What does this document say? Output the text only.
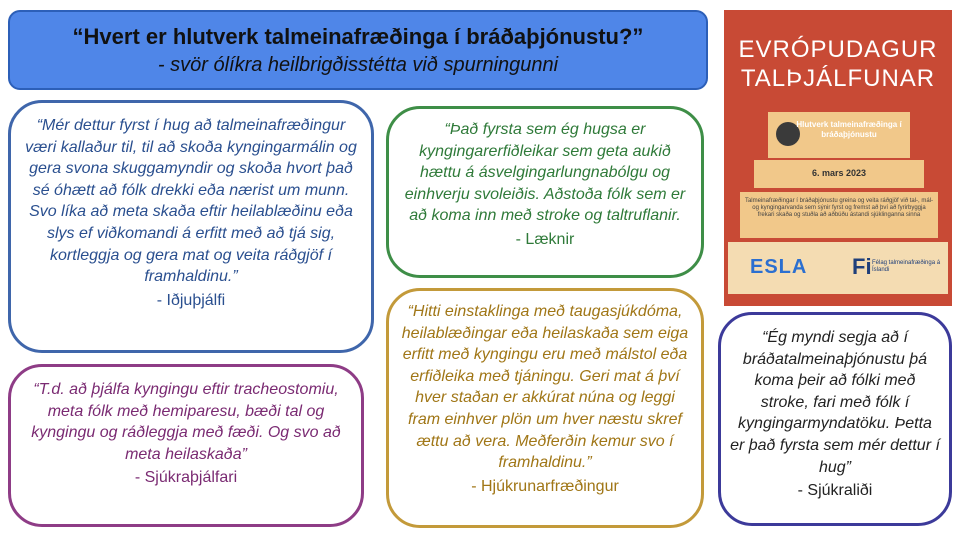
“Hvert er hlutverk talmeinafræðinga í bráðaþjónustu?”
- svör ólíkra heilbrigðisstétta við spurningunni
“Mér dettur fyrst í hug að talmeinafræðingur væri kallaður til, til að skoða kyngingarmálin og gera svona skuggamyndir og skoða hvort það sé óhætt að fólk drekki eða nærist um munn. Svo líka að meta skaða eftir heilablæðinu eða slys ef viðkomandi á erfitt með að tjá sig, kortleggja og gera mat og veita ráðgjöf í framhaldinu.”
- Iðjuþjálfi
“Það fyrsta sem ég hugsa er kyngingarerfiðleikar sem geta aukið hættu á ásvelgingarlungnabólgu og einhverju svoleiðis. Aðstoða fólk sem er að koma inn með stroke og taltruflanir.
- Læknir
“T.d. að þjálfa kyngingu eftir tracheostomiu, meta fólk með hemiparesu, bæði tal og kyngingu og ráðleggja með fæði. Og svo að meta heilaskaða”
- Sjúkraþjálfari
“Hitti einstaklinga með taugasjúkdóma, heilablæðingar eða heilaskaða sem eiga erfitt með kyngingu eru með málstol eða erfiðleika með tjáningu. Geri mat á því hver staðan er akkúrat núna og leggi fram einhver plön um hver næstu skref ættu að vera. Meðferðin kemur svo í framhaldinu.”
- Hjúkrunarfræðingur
“Ég myndi segja að í bráðatalmeinaþjónustu þá koma þeir að fólki með stroke, fari með fólk í kyngingarmyndatöku. Þetta er það fyrsta sem mér dettur í hug”
- Sjúkraliði
EVRÓPUDAGUR
TALÞJÁLFUNAR
Hlutverk talmeinafræðinga í bráðaþjónustu
6. mars 2023
Talmeinafræðingar í bráðaþjónustu greina og veita ráðgjöf við tal-, mál- og kyngingarvanda sem sýnir fyrst og fremst að því að fyrirbyggja frekari skaða og stuðla að aðbúðu ástandi sjúklinganna sinna
ESLA Fi Félag talmeinafræðinga á Íslandi
